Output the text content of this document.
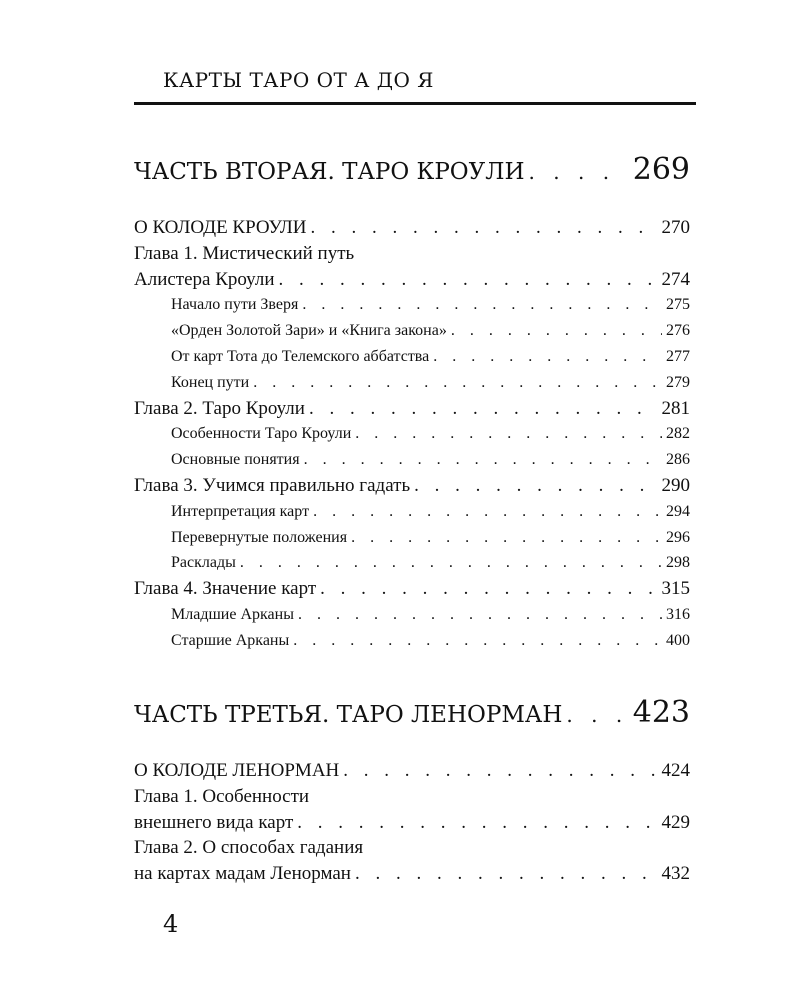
КАРТЫ ТАРО ОТ А ДО Я
ЧАСТЬ ВТОРАЯ. ТАРО КРОУЛИ . . .	269
О КОЛОДЕ КРОУЛИ . . .	270
Глава 1. Мистический путь
Алистера Кроули . . .	274
Начало пути Зверя . . .	275
«Орден Золотой Зари» и «Книга закона» . . .	276
От карт Тота до Телемского аббатства . . .	277
Конец пути . . .	279
Глава 2. Таро Кроули . . .	281
Особенности Таро Кроули . . .	282
Основные понятия . . .	286
Глава 3. Учимся правильно гадать . . .	290
Интерпретация карт . . .	294
Перевернутые положения . . .	296
Расклады . . .	298
Глава 4. Значение карт . . .	315
Младшие Арканы . . .	316
Старшие Арканы . . .	400
ЧАСТЬ ТРЕТЬЯ. ТАРО ЛЕНОРМАН . . . 423
О КОЛОДЕ ЛЕНОРМАН . . .	424
Глава 1. Особенности
внешнего вида карт . . .	429
Глава 2. О способах гадания
на картах мадам Ленорман . . .	432
4
